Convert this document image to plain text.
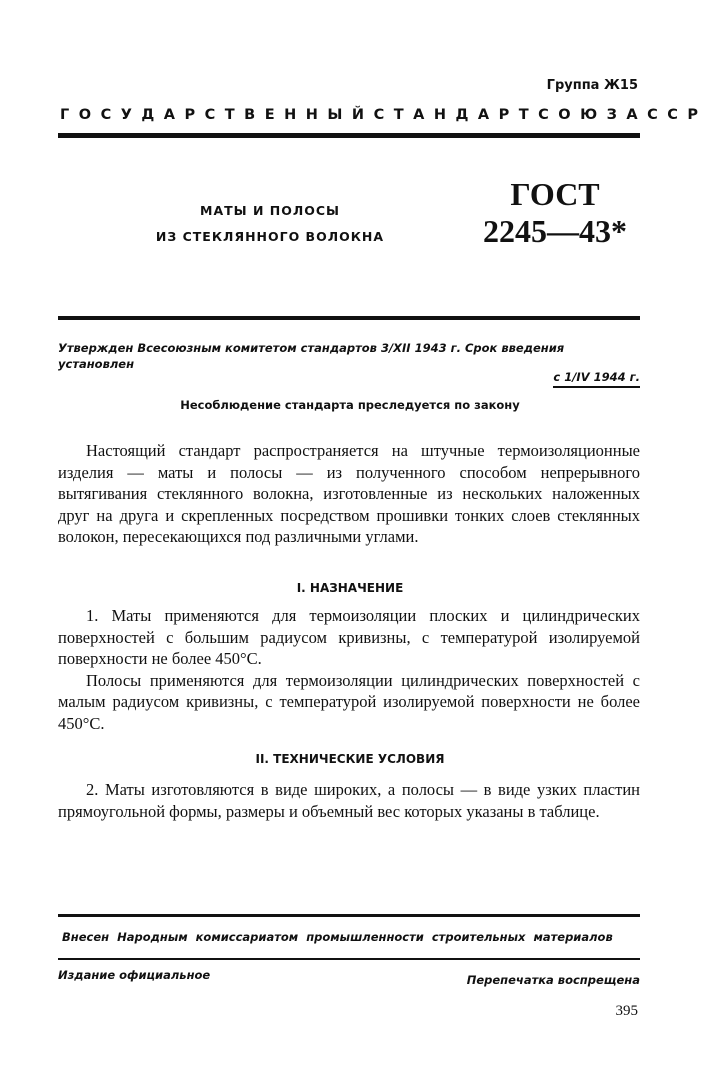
Группа Ж15
ГОСУДАРСТВЕННЫЙ СТАНДАРТ СОЮЗА ССР
МАТЫ И ПОЛОСЫ
ИЗ СТЕКЛЯННОГО ВОЛОКНА
ГОСТ
2245—43*
Утвержден Всесоюзным комитетом стандартов 3/XII 1943 г. Срок введения установлен
с 1/IV 1944 г.
Несоблюдение стандарта преследуется по закону

Настоящий стандарт распространяется на штучные термоизоляционные изделия — маты и полосы — из полученного способом непрерывного вытягивания стеклянного волокна, изготовленные из нескольких наложенных друг на друга и скрепленных посредством прошивки тонких слоев стеклянных волокон, пересекающихся под различными углами.

I. НАЗНАЧЕНИЕ

1. Маты применяются для термоизоляции плоских и цилиндрических поверхностей с большим радиусом кривизны, с температурой изолируемой поверхности не более 450°С.

Полосы применяются для термоизоляции цилиндрических поверхностей с малым радиусом кривизны, с температурой изолируемой поверхности не более 450°С.

II. ТЕХНИЧЕСКИЕ УСЛОВИЯ

2. Маты изготовляются в виде широких, а полосы — в виде узких пластин прямоугольной формы, размеры и объемный вес которых указаны в таблице.

Внесен Народным комиссариатом промышленности строительных материалов
Издание официальное	Перепечатка воспрещена
395
